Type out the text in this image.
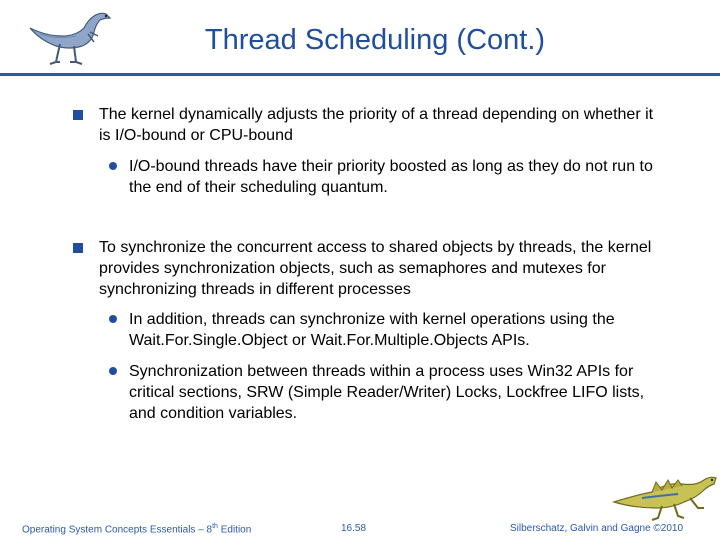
Thread Scheduling (Cont.)
The kernel dynamically adjusts the priority of a thread depending on whether it is I/O-bound or CPU-bound
I/O-bound threads have their priority boosted as long as they do not run to the end of their scheduling quantum.
To synchronize the concurrent access to shared objects by threads, the kernel provides synchronization objects, such as semaphores and mutexes for synchronizing threads in different processes
In addition, threads can synchronize with kernel operations using the Wait.For.Single.Object or Wait.For.Multiple.Objects APIs.
Synchronization between threads within a process uses Win32 APIs for critical sections, SRW (Simple Reader/Writer) Locks, Lockfree LIFO lists, and condition variables.
Operating System Concepts Essentials – 8th Edition	16.58	Silberschatz, Galvin and Gagne ©2010
